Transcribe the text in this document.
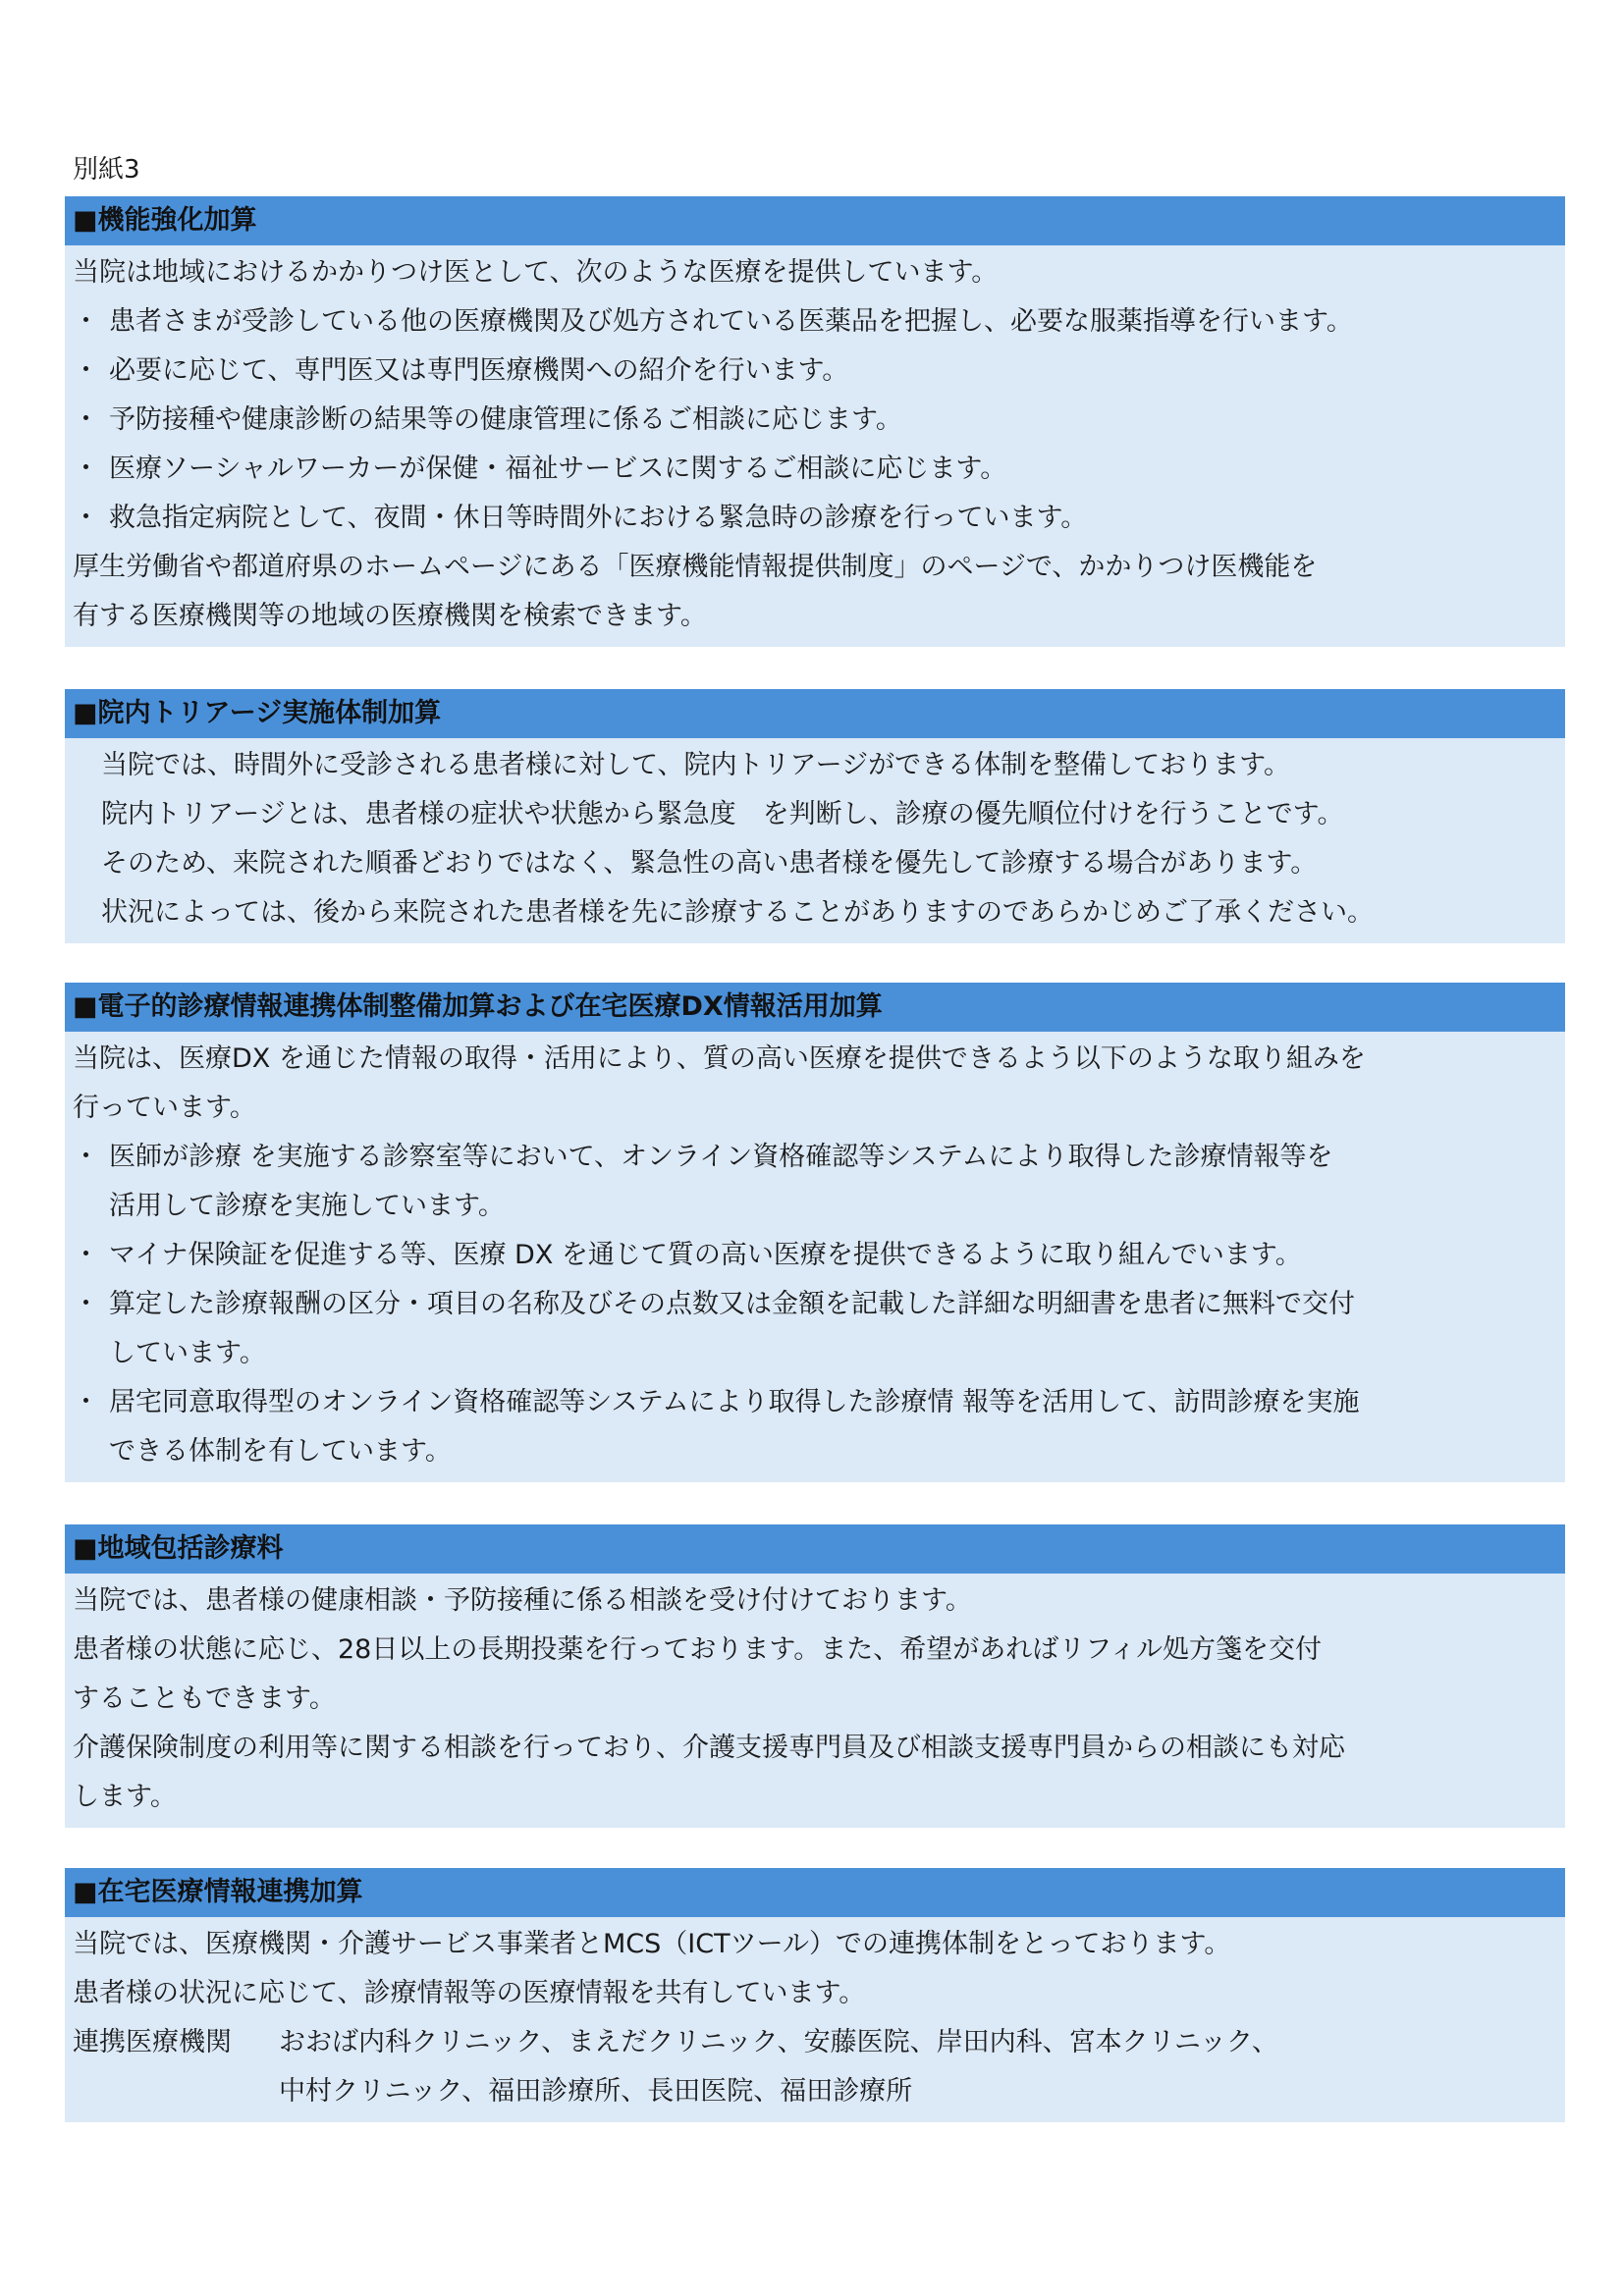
別紙3
■機能強化加算
当院は地域におけるかかりつけ医として、次のような医療を提供しています。
・ 患者さまが受診している他の医療機関及び処方されている医薬品を把握し、必要な服薬指導を行います。
・ 必要に応じて、専門医又は専門医療機関への紹介を行います。
・ 予防接種や健康診断の結果等の健康管理に係るご相談に応じます。
・ 医療ソーシャルワーカーが保健・福祉サービスに関するご相談に応じます。
・ 救急指定病院として、夜間・休日等時間外における緊急時の診療を行っています。
厚生労働省や都道府県のホームページにある「医療機能情報提供制度」のページで、かかりつけ医機能を
有する医療機関等の地域の医療機関を検索できます。
■院内トリアージ実施体制加算
当院では、時間外に受診される患者様に対して、院内トリアージができる体制を整備しております。
院内トリアージとは、患者様の症状や状態から緊急度　を判断し、診療の優先順位付けを行うことです。
そのため、来院された順番どおりではなく、緊急性の高い患者様を優先して診療する場合があります。
状況によっては、後から来院された患者様を先に診療することがありますのであらかじめご了承ください。
■電子的診療情報連携体制整備加算および在宅医療DX情報活用加算
当院は、医療DX を通じた情報の取得・活用により、質の高い医療を提供できるよう以下のような取り組みを
行っています。
・ 医師が診療 を実施する診察室等において、オンライン資格確認等システムにより取得した診療情報等を
活用して診療を実施しています。
・ マイナ保険証を促進する等、医療 DX を通じて質の高い医療を提供できるように取り組んでいます。
・ 算定した診療報酬の区分・項目の名称及びその点数又は金額を記載した詳細な明細書を患者に無料で交付
しています。
・ 居宅同意取得型のオンライン資格確認等システムにより取得した診療情 報等を活用して、訪問診療を実施
できる体制を有しています。
■地域包括診療料
当院では、患者様の健康相談・予防接種に係る相談を受け付けております。
患者様の状態に応じ、28日以上の長期投薬を行っております。また、希望があればリフィル処方箋を交付
することもできます。
介護保険制度の利用等に関する相談を行っており、介護支援専門員及び相談支援専門員からの相談にも対応
します。
■在宅医療情報連携加算
当院では、医療機関・介護サービス事業者とMCS（ICTツール）での連携体制をとっております。
患者様の状況に応じて、診療情報等の医療情報を共有しています。
連携医療機関	おおば内科クリニック、まえだクリニック、安藤医院、岸田内科、宮本クリニック、
中村クリニック、福田診療所、長田医院、福田診療所
